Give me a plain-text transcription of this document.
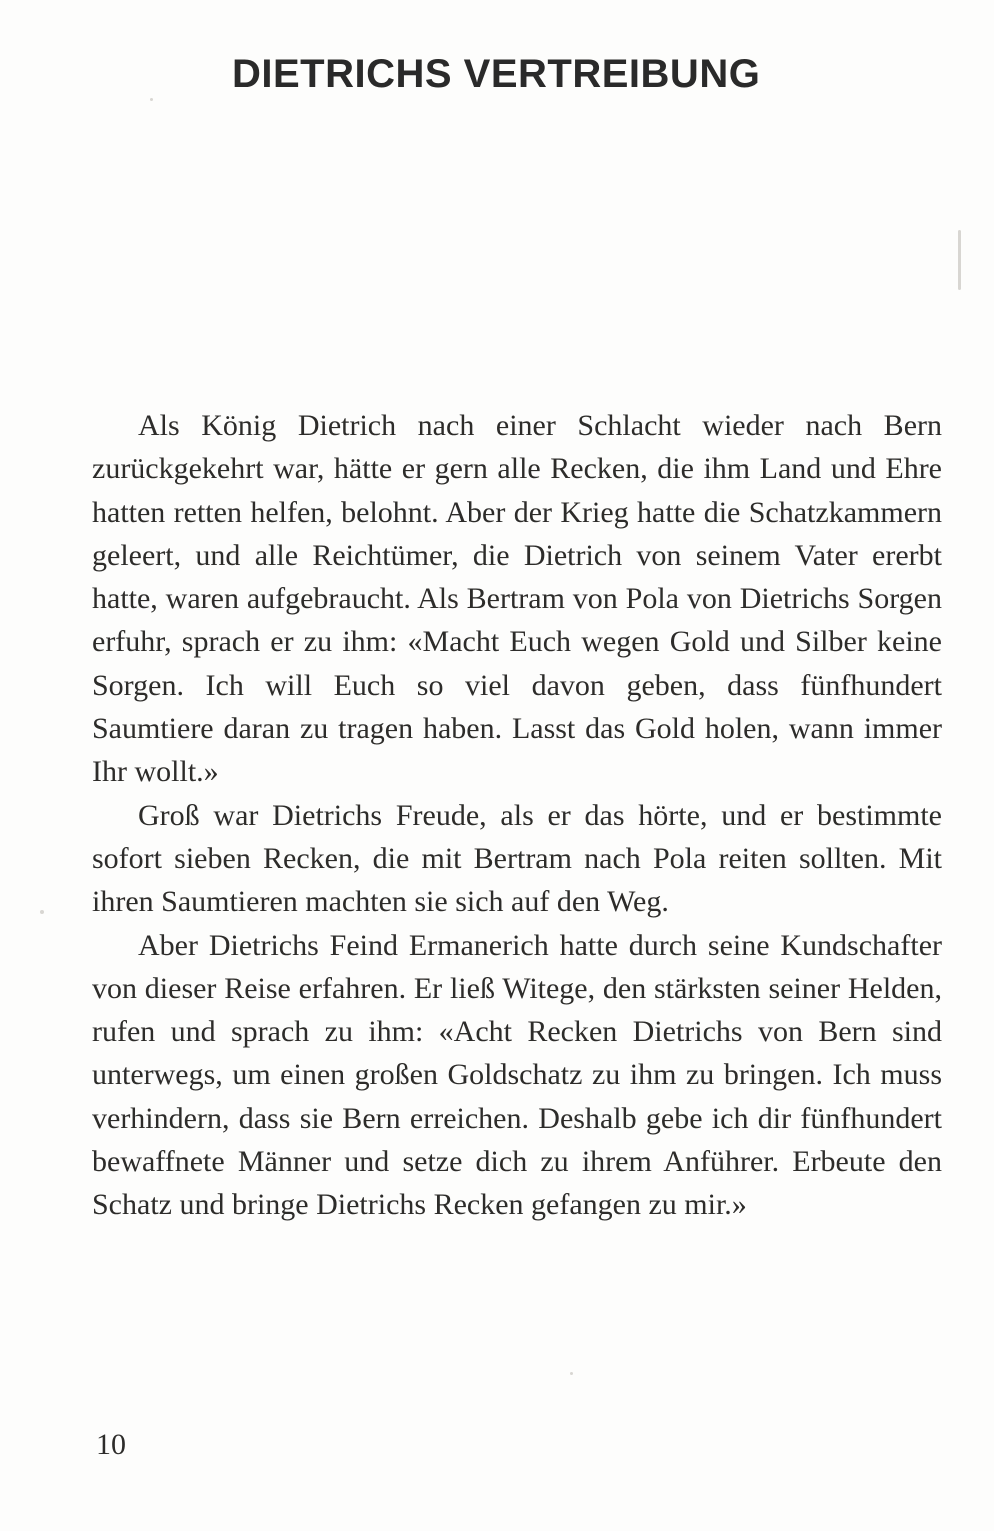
DIETRICHS VERTREIBUNG

Als König Dietrich nach einer Schlacht wieder nach Bern zurückgekehrt war, hätte er gern alle Recken, die ihm Land und Ehre hatten retten helfen, belohnt. Aber der Krieg hatte die Schatzkammern geleert, und alle Reichtümer, die Dietrich von seinem Vater ererbt hatte, waren aufgebraucht. Als Bertram von Pola von Dietrichs Sorgen erfuhr, sprach er zu ihm: «Macht Euch wegen Gold und Silber keine Sorgen. Ich will Euch so viel davon geben, dass fünfhundert Saumtiere daran zu tragen haben. Lasst das Gold holen, wann immer Ihr wollt.»

Groß war Dietrichs Freude, als er das hörte, und er bestimmte sofort sieben Recken, die mit Bertram nach Pola reiten sollten. Mit ihren Saumtieren machten sie sich auf den Weg.

Aber Dietrichs Feind Ermanerich hatte durch seine Kundschafter von dieser Reise erfahren. Er ließ Witege, den stärksten seiner Helden, rufen und sprach zu ihm: «Acht Recken Dietrichs von Bern sind unterwegs, um einen großen Goldschatz zu ihm zu bringen. Ich muss verhindern, dass sie Bern erreichen. Deshalb gebe ich dir fünfhundert bewaffnete Männer und setze dich zu ihrem Anführer. Erbeute den Schatz und bringe Dietrichs Recken gefangen zu mir.»

10
